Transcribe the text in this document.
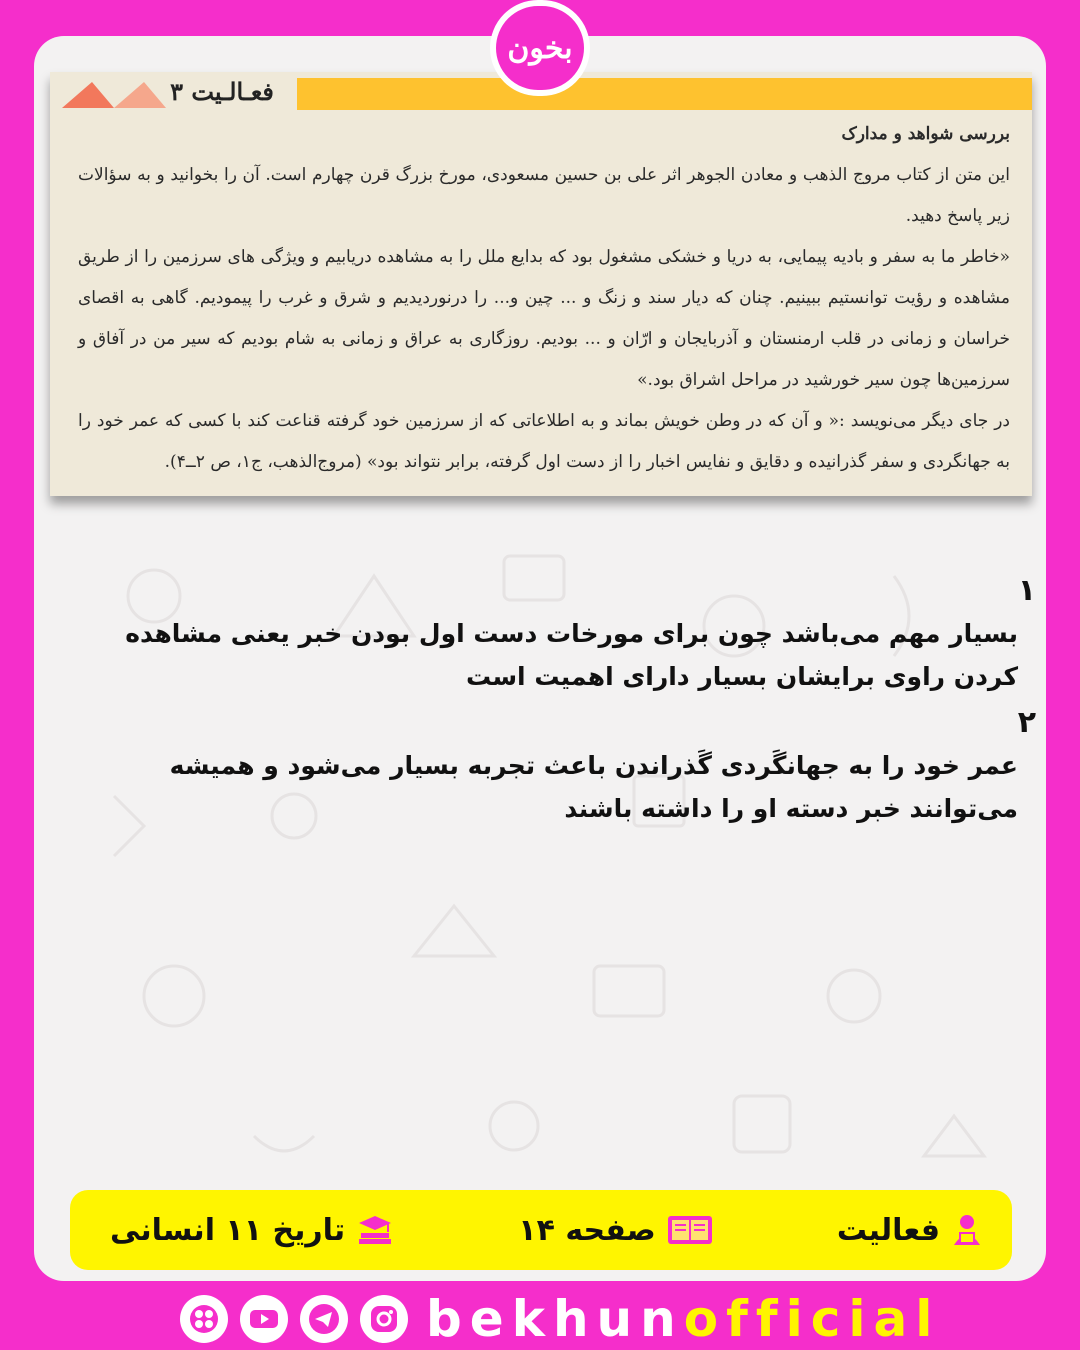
بخون
فعـالـیت ۳
بررسی شواهد و مدارک

این متن از کتاب مروج الذهب و معادن الجوهر اثر علی بن حسین مسعودی، مورخ بزرگ قرن چهارم است. آن را بخوانید و به سؤالات زیر پاسخ دهید.

«خاطر ما به سفر و بادیه پیمایی، به دریا و خشکی مشغول بود که بدایع ملل را به مشاهده دریابیم و ویژگی های سرزمین را از طریق مشاهده و رؤیت توانستیم ببینیم. چنان که دیار سند و زنگ و ... چین و... را درنوردیدیم و شرق و غرب را پیمودیم. گاهی به اقصای خراسان و زمانی در قلب ارمنستان و آذربایجان و ارّان و ... بودیم. روزگاری به عراق و زمانی به شام بودیم که سیر من در آفاق و سرزمین‌ها چون سیر خورشید در مراحل اشراق بود.»

در جای دیگر می‌نویسد :« و آن که در وطن خویش بماند و به اطلاعاتی که از سرزمین خود گرفته قناعت کند با کسی که عمر خود را به جهانگردی و سفر گذرانیده و دقایق و نفایس اخبار را از دست اول گرفته، برابر نتواند بود» (مروج‌الذهب، ج۱، ص ۲ــ۴).

۱
بسیار مهم می‌باشد چون برای مورخات دست اول بودن خبر یعنی مشاهده کردن راوی برایشان بسیار دارای اهمیت است
۲
عمر خود را به جهانگَردی گَذراندن باعث تجربه بسیار می‌شود و همیشه می‌توانند خبر دسته او را داشته باشند
فعالیت
صفحه ۱۴
تاریخ ۱۱ انسانی
bekhunofficial
